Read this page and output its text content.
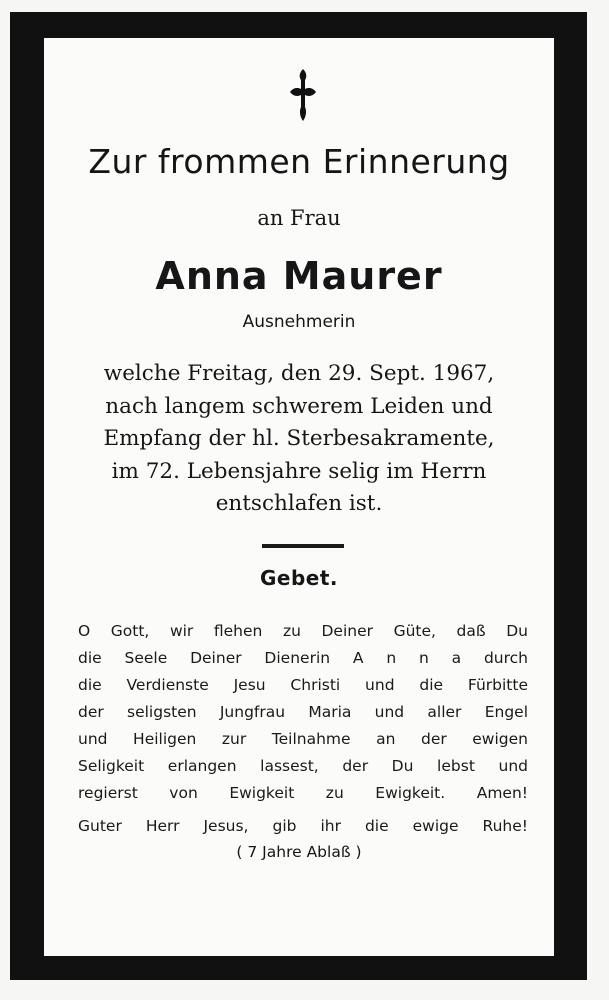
Zur frommen Erinnerung
an Frau
Anna Maurer
Ausnehmerin
welche Freitag, den 29. Sept. 1967,
nach langem schwerem Leiden und
Empfang der hl. Sterbesakramente,
im 72. Lebensjahre selig im Herrn
entschlafen ist.
Gebet.
O Gott, wir flehen zu Deiner Güte, daß Du
die Seele Deiner Dienerin A n n a durch
die Verdienste Jesu Christi und die Fürbitte
der seligsten Jungfrau Maria und aller Engel
und Heiligen zur Teilnahme an der ewigen
Seligkeit erlangen lassest, der Du lebst und
regierst von Ewigkeit zu Ewigkeit. Amen!
Guter Herr Jesus, gib ihr die ewige Ruhe!
( 7 Jahre Ablaß )
